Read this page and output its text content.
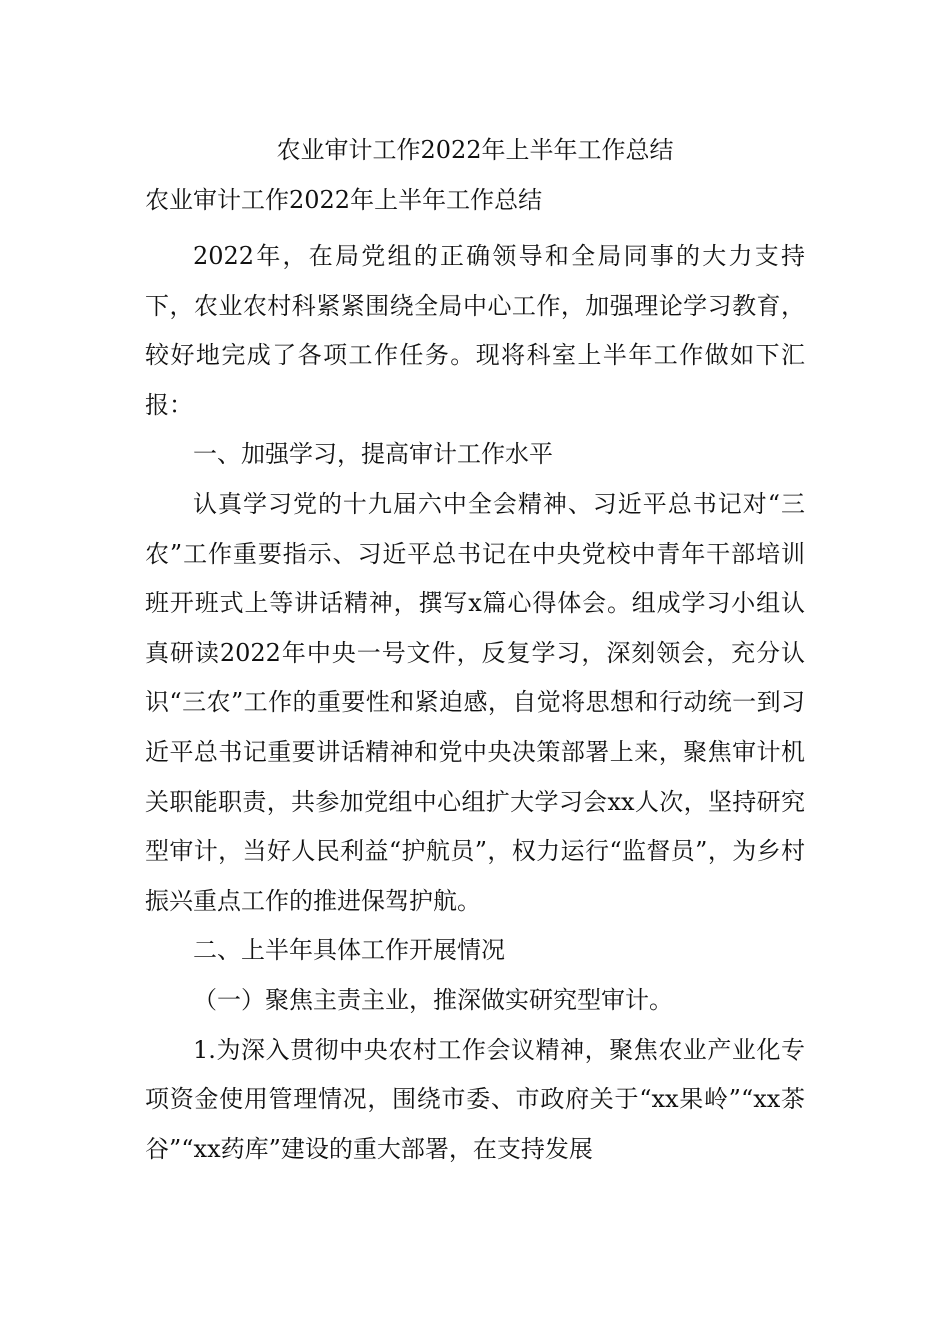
农业审计工作2022年上半年工作总结
农业审计工作2022年上半年工作总结

2022年，在局党组的正确领导和全局同事的大力支持下，农业农村科紧紧围绕全局中心工作，加强理论学习教育，较好地完成了各项工作任务。现将科室上半年工作做如下汇报：

一、加强学习，提高审计工作水平

认真学习党的十九届六中全会精神、习近平总书记对“三农”工作重要指示、习近平总书记在中央党校中青年干部培训班开班式上等讲话精神，撰写x篇心得体会。组成学习小组认真研读2022年中央一号文件，反复学习，深刻领会，充分认识“三农”工作的重要性和紧迫感，自觉将思想和行动统一到习近平总书记重要讲话精神和党中央决策部署上来，聚焦审计机关职能职责，共参加党组中心组扩大学习会xx人次，坚持研究型审计，当好人民利益“护航员”，权力运行“监督员”，为乡村振兴重点工作的推进保驾护航。

二、上半年具体工作开展情况

（一）聚焦主责主业，推深做实研究型审计。

1.为深入贯彻中央农村工作会议精神，聚焦农业产业化专项资金使用管理情况，围绕市委、市政府关于“xx果岭”“xx茶谷”“xx药库”建设的重大部署，在支持发展
